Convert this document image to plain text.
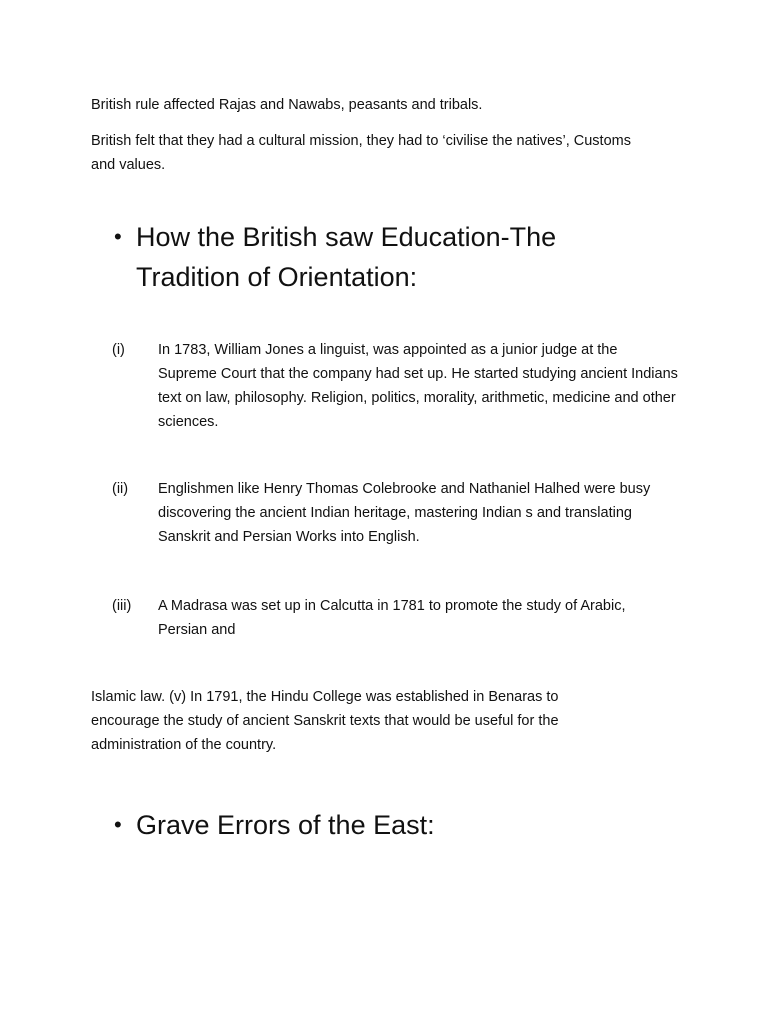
British rule affected Rajas and Nawabs, peasants and tribals.

British felt that they had a cultural mission, they had to ‘civilise the natives’, Customs and values.

• How the British saw Education-The Tradition of Orientation:
(i)	In 1783, William Jones a linguist, was appointed as a junior judge at the Supreme Court that the company had set up. He started studying ancient Indians text on law, philosophy. Religion, politics, morality, arithmetic, medicine and other sciences.
(ii)	Englishmen like Henry Thomas Colebrooke and Nathaniel Halhed were busy discovering the ancient Indian heritage, mastering Indian s and translating Sanskrit and Persian Works into English.
(iii)	A Madrasa was set up in Calcutta in 1781 to promote the study of Arabic, Persian and

Islamic law. (v) In 1791, the Hindu College was established in Benaras to encourage the study of ancient Sanskrit texts that would be useful for the administration of the country.

• Grave Errors of the East:
